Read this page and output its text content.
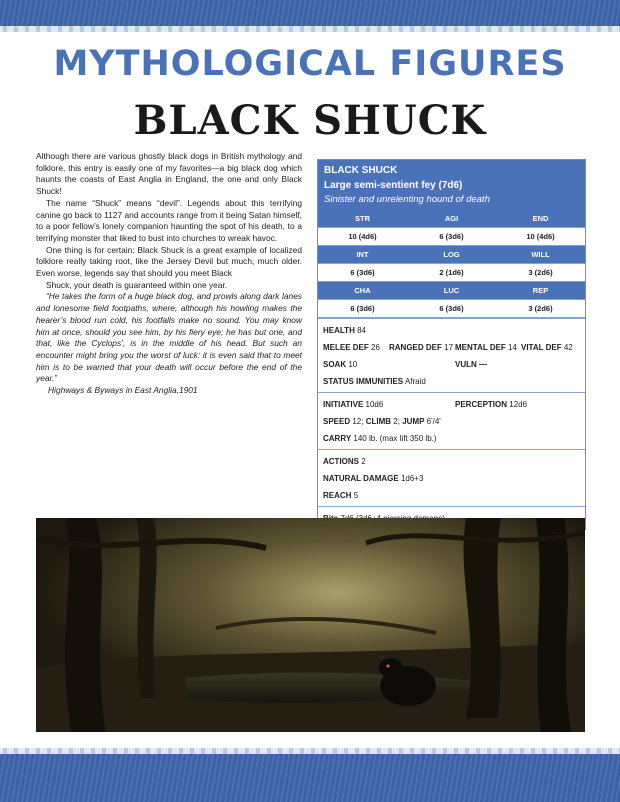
MYTHOLOGICAL FIGURES
BLACK SHUCK

Although there are various ghostly black dogs in British mythology and folklore, this entry is easily one of my favorites—a big black dog which haunts the coasts of East Anglia in England, the one and only Black Shuck!

The name “Shuck” means “devil”. Legends about this terrifying canine go back to 1127 and accounts range from it being Satan himself, to a poor fellow’s lonely companion haunting the spot of his death, to a terrifying monster that liked to bust into churches to wreak havoc.

One thing is for certain: Black Shuck is a great example of localized folklore really taking root, like the Jersey Devil but much, much older. Even worse, legends say that should you meet Black

Shuck, your death is guaranteed within one year.

“He takes the form of a huge black dog, and prowls along dark lanes and lonesome field footpaths, where, although his howling makes the hearer’s blood run cold, his footfalls make no sound. You may know him at once, should you see him, by his fiery eye; he has but one, and that, like the Cyclops’, is in the middle of his head. But such an encounter might bring you the worst of luck: it is even said that to meet him is to be warned that your death will occur before the end of the year.”

Highways & Byways in East Anglia,1901

BLACK SHUCK
Large semi-sentient fey (7d6)
Sinister and unrelenting hound of death
STR	AGI	END
10 (4d6)	6 (3d6)	10 (4d6)
INT	LOG	WILL
6 (3d6)	2 (1d6)	3 (2d6)
CHA	LUC	REP
6 (3d6)	6 (3d6)	3 (2d6)
HEALTH 84
MELEE DEF 26	RANGED DEF 17 MENTAL DEF 14 VITAL DEF 42
SOAK 10	VULN —
STATUS IMMUNITIES Afraid
INITIATIVE 10d6	PERCEPTION 12d6
SPEED 12; CLIMB 2; JUMP 6'/4'
CARRY 140 lb. (max lift 350 lb.)
ACTIONS 2
NATURAL DAMAGE 1d6+3
REACH 5
